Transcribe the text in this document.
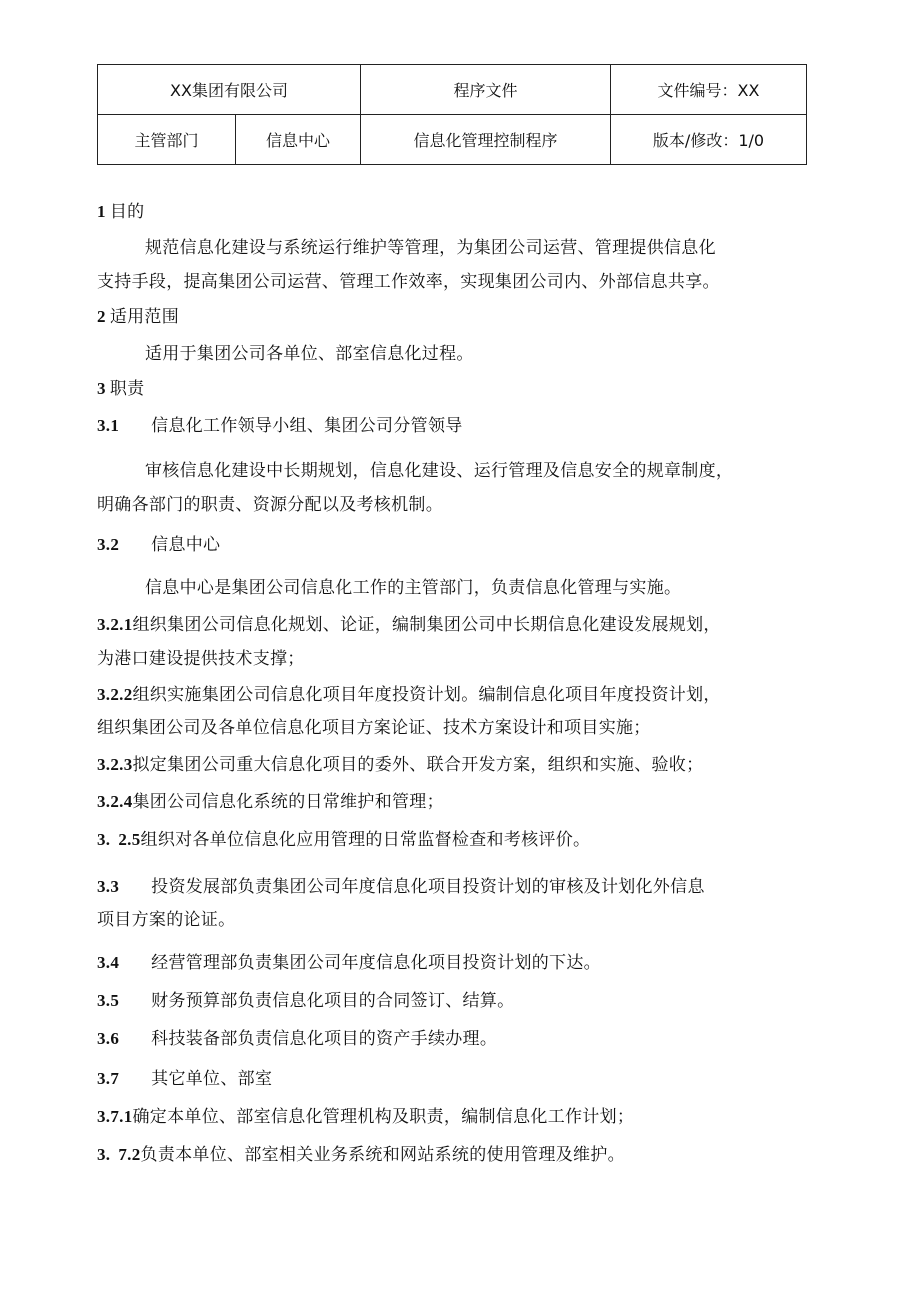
XX集团有限公司		程序文件	文件编号：XX
主管部门	信息中心	信息化管理控制程序	版本/修改：1/0
1 目的
规范信息化建设与系统运行维护等管理，为集团公司运营、管理提供信息化
支持手段，提高集团公司运营、管理工作效率，实现集团公司内、外部信息共享。
2 适用范围
适用于集团公司各单位、部室信息化过程。
3 职责
3.1 信息化工作领导小组、集团公司分管领导
审核信息化建设中长期规划，信息化建设、运行管理及信息安全的规章制度，
明确各部门的职责、资源分配以及考核机制。
3.2 信息中心
信息中心是集团公司信息化工作的主管部门，负责信息化管理与实施。
3.2.1组织集团公司信息化规划、论证，编制集团公司中长期信息化建设发展规划，
为港口建设提供技术支撑；
3.2.2组织实施集团公司信息化项目年度投资计划。编制信息化项目年度投资计划，
组织集团公司及各单位信息化项目方案论证、技术方案设计和项目实施；
3.2.3拟定集团公司重大信息化项目的委外、联合开发方案，组织和实施、验收；
3.2.4集团公司信息化系统的日常维护和管理；
3. 2.5组织对各单位信息化应用管理的日常监督检查和考核评价。
3.3 投资发展部负责集团公司年度信息化项目投资计划的审核及计划化外信息
项目方案的论证。
3.4 经营管理部负责集团公司年度信息化项目投资计划的下达。
3.5 财务预算部负责信息化项目的合同签订、结算。
3.6 科技装备部负责信息化项目的资产手续办理。
3.7 其它单位、部室
3.7.1确定本单位、部室信息化管理机构及职责，编制信息化工作计划；
3. 7.2负责本单位、部室相关业务系统和网站系统的使用管理及维护。
